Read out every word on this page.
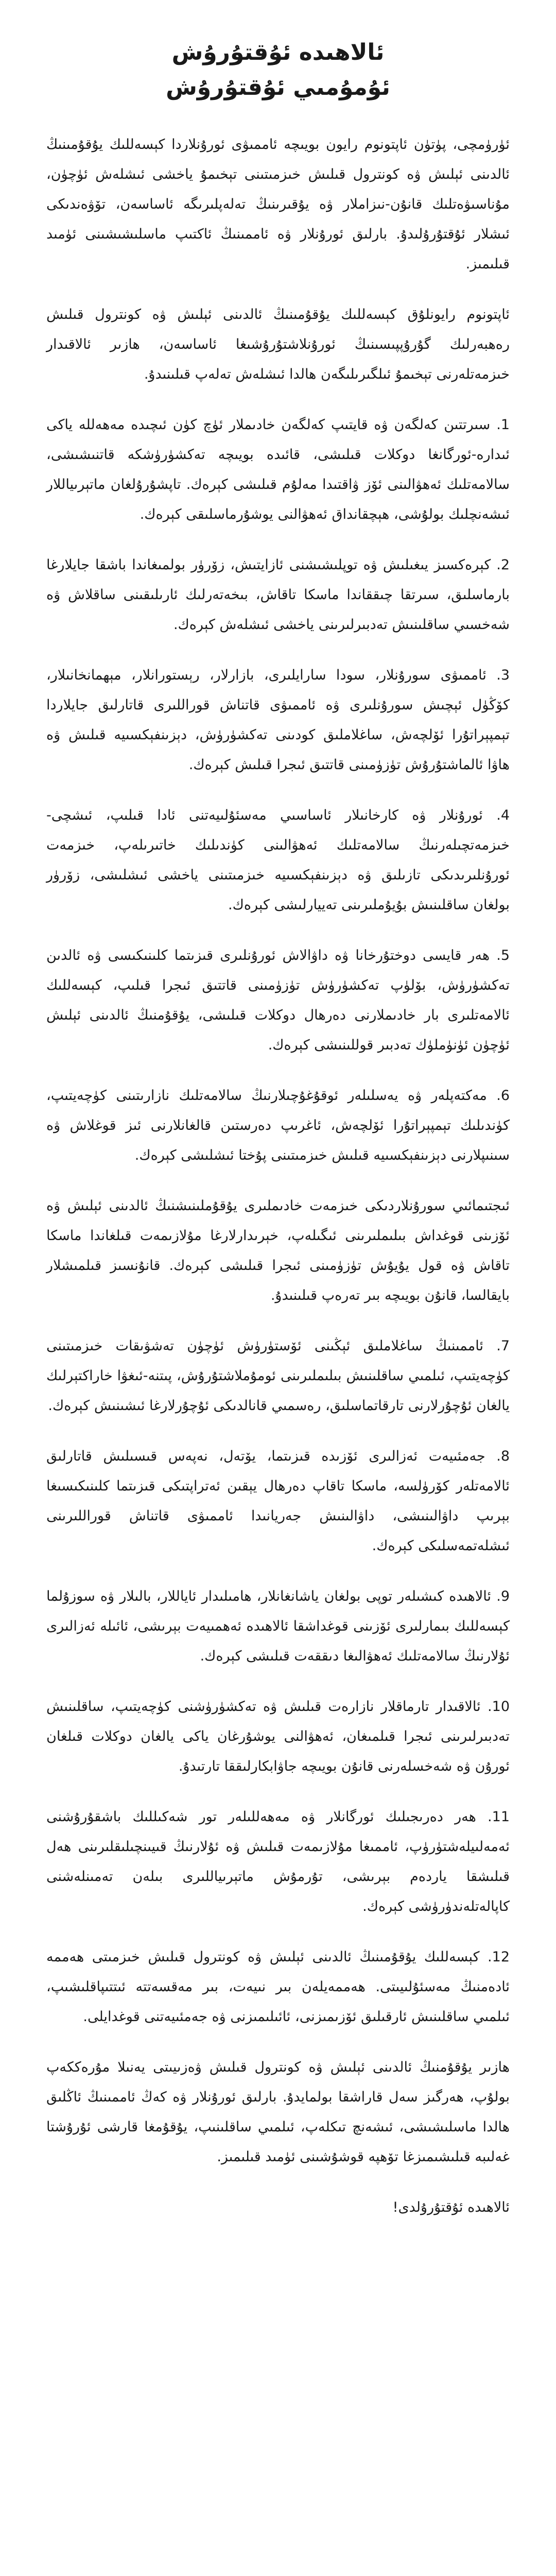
ئالاھىدە ئۇقتۇرۇش
ئۇمۇمىي ئۇقتۇرۇش

ئۈرۈمچى، پۈتۈن ئاپتونوم رايون بويىچە ئاممىۋى ئورۇنلاردا كېسەللىك يۇقۇمىنىڭ ئالدىنى ئېلىش ۋە كونترول قىلىش خىزمىتىنى تېخىمۇ ياخشى ئىشلەش ئۈچۈن، مۇناسىۋەتلىك قانۇن-نىزاملار ۋە يۇقىرىنىڭ تەلەپلىرىگە ئاساسەن، تۆۋەندىكى ئىشلار ئۇقتۇرۇلىدۇ. بارلىق ئورۇنلار ۋە ئاممىنىڭ ئاكتىپ ماسلىشىشىنى ئۈمىد قىلىمىز.

ئاپتونوم رايونلۇق كېسەللىك يۇقۇمىنىڭ ئالدىنى ئېلىش ۋە كونترول قىلىش رەھبەرلىك گۇرۇپپىسىنىڭ ئورۇنلاشتۇرۇشىغا ئاساسەن، ھازىر ئالاقىدار خىزمەتلەرنى تېخىمۇ ئىلگىرىلىگەن ھالدا ئىشلەش تەلەپ قىلىنىدۇ.

1. سىرتتىن كەلگەن ۋە قايتىپ كەلگەن خادىملار ئۈچ كۈن ئىچىدە مەھەللە ياكى ئىدارە-ئورگانغا دوكلات قىلىشى، قائىدە بويىچە تەكشۈرۈشكە قاتنىشىشى، سالامەتلىك ئەھۋالىنى ئۆز ۋاقتىدا مەلۇم قىلىشى كېرەك. تاپشۇرۇلغان ماتېرىياللار ئىشەنچلىك بولۇشى، ھېچقانداق ئەھۋالنى يوشۇرماسلىقى كېرەك.

2. كېرەكسىز يىغىلىش ۋە توپلىشىشنى ئازايتىش، زۆرۈر بولمىغاندا باشقا جايلارغا بارماسلىق، سىرتقا چىققاندا ماسكا تاقاش، بىخەتەرلىك ئارىلىقىنى ساقلاش ۋە شەخسىي ساقلىنىش تەدبىرلىرىنى ياخشى ئىشلەش كېرەك.

3. ئاممىۋى سورۇنلار، سودا سارايلىرى، بازارلار، رېستورانلار، مېھمانخانىلار، كۆڭۈل ئېچىش سورۇنلىرى ۋە ئاممىۋى قاتناش قوراللىرى قاتارلىق جايلاردا تېمپېراتۇرا ئۆلچەش، ساغلاملىق كودىنى تەكشۈرۈش، دېزىنفېكسىيە قىلىش ۋە ھاۋا ئالماشتۇرۇش تۈزۈمىنى قاتتىق ئىجرا قىلىش كېرەك.

4. ئورۇنلار ۋە كارخانىلار ئاساسىي مەسئۇلىيەتنى ئادا قىلىپ، ئىشچى-خىزمەتچىلەرنىڭ سالامەتلىك ئەھۋالىنى كۈندىلىك خاتىرىلەپ، خىزمەت ئورۇنلىرىدىكى تازىلىق ۋە دېزىنفېكسىيە خىزمىتىنى ياخشى ئىشلىشى، زۆرۈر بولغان ساقلىنىش بۇيۇملىرىنى تەييارلىشى كېرەك.

5. ھەر قايسى دوختۇرخانا ۋە داۋالاش ئورۇنلىرى قىزىتما كلىنىكىسى ۋە ئالدىن تەكشۈرۈش، بۆلۈپ تەكشۈرۈش تۈزۈمىنى قاتتىق ئىجرا قىلىپ، كېسەللىك ئالامەتلىرى بار خادىملارنى دەرھال دوكلات قىلىشى، يۇقۇمنىڭ ئالدىنى ئېلىش ئۈچۈن ئۈنۈملۈك تەدبىر قوللىنىشى كېرەك.

6. مەكتەپلەر ۋە يەسلىلەر ئوقۇغۇچىلارنىڭ سالامەتلىك نازارىتىنى كۈچەيتىپ، كۈندىلىك تېمپېراتۇرا ئۆلچەش، ئاغرىپ دەرستىن قالغانلارنى ئىز قوغلاش ۋە سىنىپلارنى دېزىنفېكسىيە قىلىش خىزمىتىنى پۇختا ئىشلىشى كېرەك.

ئىجتىمائىي سورۇنلاردىكى خىزمەت خادىملىرى يۇقۇملىنىشنىڭ ئالدىنى ئېلىش ۋە ئۆزىنى قوغداش بىلىملىرىنى ئىگىلەپ، خېرىدارلارغا مۇلازىمەت قىلغاندا ماسكا تاقاش ۋە قول يۇيۇش تۈزۈمىنى ئىجرا قىلىشى كېرەك. قانۇنسىز قىلمىشلار بايقالسا، قانۇن بويىچە بىر تەرەپ قىلىنىدۇ.

7. ئاممىنىڭ ساغلاملىق ئېڭىنى ئۆستۈرۈش ئۈچۈن تەشۋىقات خىزمىتىنى كۈچەيتىپ، ئىلمىي ساقلىنىش بىلىملىرىنى ئومۇملاشتۇرۇش، پىتنە-ئىغۋا خاراكتېرلىك يالغان ئۇچۇرلارنى تارقاتماسلىق، رەسمىي قانالدىكى ئۇچۇرلارغا ئىشىنىش كېرەك.

8. جەمئىيەت ئەزالىرى ئۆزىدە قىزىتما، يۆتەل، نەپەس قىسىلىش قاتارلىق ئالامەتلەر كۆرۈلسە، ماسكا تاقاپ دەرھال يېقىن ئەتراپتىكى قىزىتما كلىنىكىسىغا بېرىپ داۋالىنىشى، داۋالىنىش جەريانىدا ئاممىۋى قاتناش قوراللىرىنى ئىشلەتمەسلىكى كېرەك.

9. ئالاھىدە كىشىلەر توپى بولغان ياشانغانلار، ھامىلىدار ئاياللار، بالىلار ۋە سوزۇلما كېسەللىك بىمارلىرى ئۆزىنى قوغداشقا ئالاھىدە ئەھمىيەت بېرىشى، ئائىلە ئەزالىرى ئۇلارنىڭ سالامەتلىك ئەھۋالىغا دىققەت قىلىشى كېرەك.

10. ئالاقىدار تارماقلار نازارەت قىلىش ۋە تەكشۈرۈشنى كۈچەيتىپ، ساقلىنىش تەدبىرلىرىنى ئىجرا قىلمىغان، ئەھۋالنى يوشۇرغان ياكى يالغان دوكلات قىلغان ئورۇن ۋە شەخسلەرنى قانۇن بويىچە جاۋابكارلىققا تارتىدۇ.

11. ھەر دەرىجىلىك ئورگانلار ۋە مەھەللىلەر تور شەكىللىك باشقۇرۇشنى ئەمەلىيلەشتۈرۈپ، ئاممىغا مۇلازىمەت قىلىش ۋە ئۇلارنىڭ قىيىنچىلىقلىرىنى ھەل قىلىشقا ياردەم بېرىشى، تۇرمۇش ماتېرىياللىرى بىلەن تەمىنلەشنى كاپالەتلەندۈرۈشى كېرەك.

12. كېسەللىك يۇقۇمىنىڭ ئالدىنى ئېلىش ۋە كونترول قىلىش خىزمىتى ھەممە ئادەمنىڭ مەسئۇلىيىتى. ھەممەيلەن بىر نىيەت، بىر مەقسەتتە ئىتتىپاقلىشىپ، ئىلمىي ساقلىنىش ئارقىلىق ئۆزىمىزنى، ئائىلىمىزنى ۋە جەمئىيەتنى قوغدايلى.

ھازىر يۇقۇمنىڭ ئالدىنى ئېلىش ۋە كونترول قىلىش ۋەزىيىتى يەنىلا مۇرەككەپ بولۇپ، ھەرگىز سەل قاراشقا بولمايدۇ. بارلىق ئورۇنلار ۋە كەڭ ئاممىنىڭ ئاڭلىق ھالدا ماسلىشىشى، ئىشەنچ تىكلەپ، ئىلمىي ساقلىنىپ، يۇقۇمغا قارشى ئۇرۇشتا غەلىبە قىلىشىمىزغا تۆھپە قوشۇشىنى ئۈمىد قىلىمىز.

ئالاھىدە ئۇقتۇرۇلدى!
